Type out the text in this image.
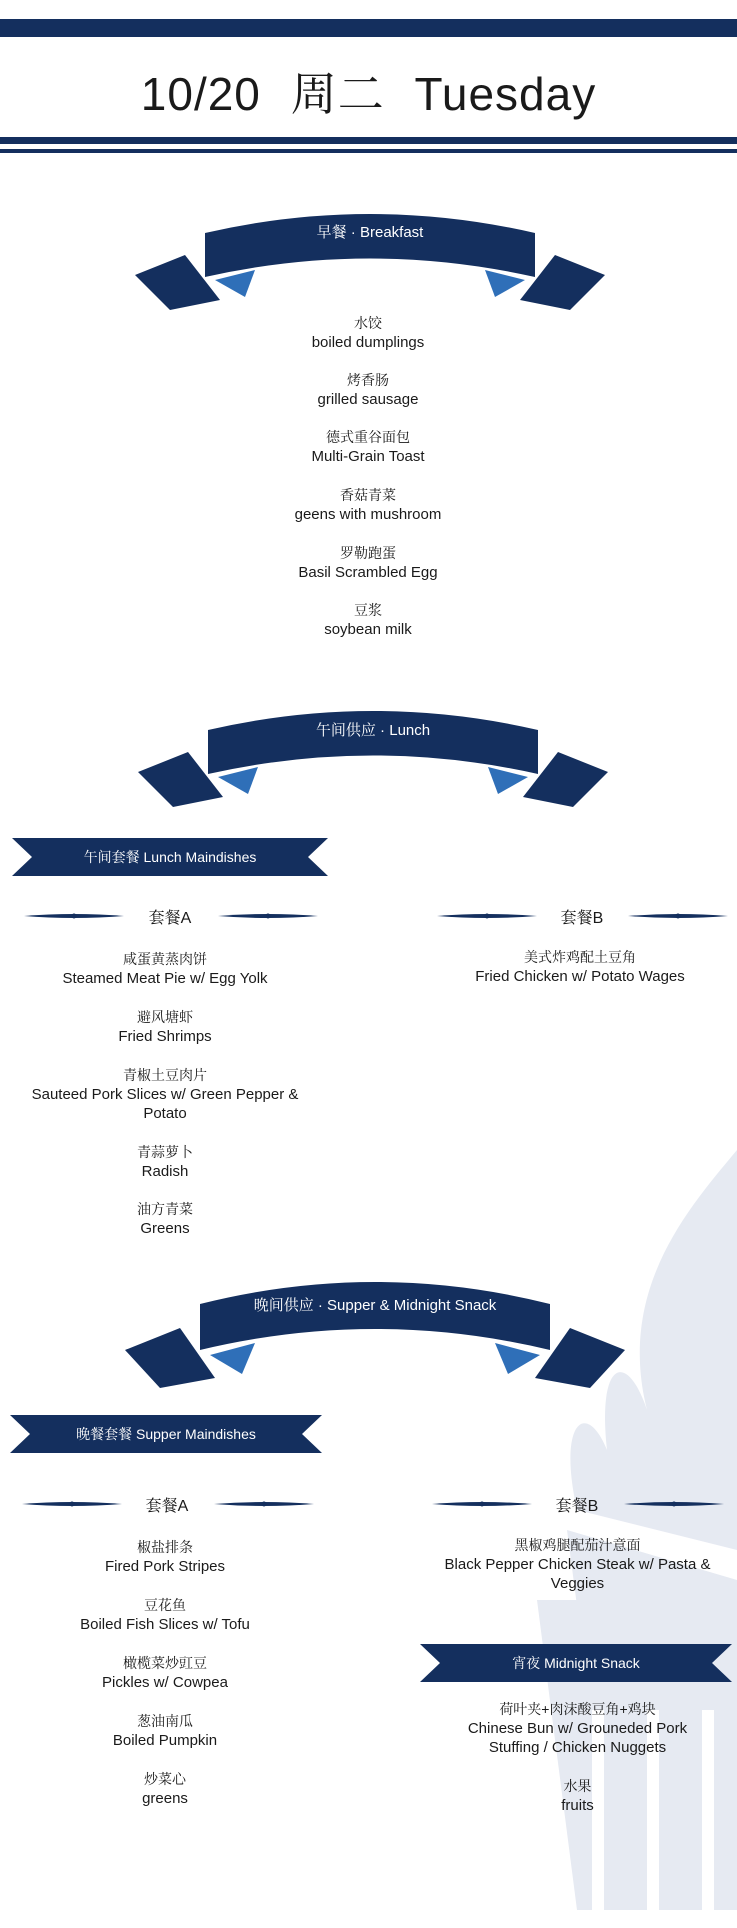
10/20 周二 Tuesday
早餐 · Breakfast
水饺
boiled dumplings
烤香肠
grilled sausage
德式重谷面包
Multi-Grain Toast
香菇青菜
geens with mushroom
罗勒跑蛋
Basil Scrambled Egg
豆浆
soybean milk
午间供应 · Lunch
午间套餐 Lunch Maindishes
套餐A	套餐B
咸蛋黄蒸肉饼
Steamed Meat Pie w/ Egg Yolk
避风塘虾
Fried Shrimps
青椒土豆肉片
Sauteed Pork Slices w/ Green Pepper &
Potato
青蒜萝卜
Radish
油方青菜
Greens
美式炸鸡配土豆角
Fried Chicken w/ Potato Wages
晚间供应 · Supper & Midnight Snack
晚餐套餐 Supper Maindishes
套餐A	套餐B
椒盐排条
Fired Pork Stripes
豆花鱼
Boiled Fish Slices w/ Tofu
橄榄菜炒豇豆
Pickles w/ Cowpea
葱油南瓜
Boiled Pumpkin
炒菜心
greens
黑椒鸡腿配茄汁意面
Black Pepper Chicken Steak w/ Pasta &
Veggies
宵夜 Midnight Snack
荷叶夹+肉沫酸豆角+鸡块
Chinese Bun w/ Grouneded Pork
Stuffing / Chicken Nuggets
水果
fruits
